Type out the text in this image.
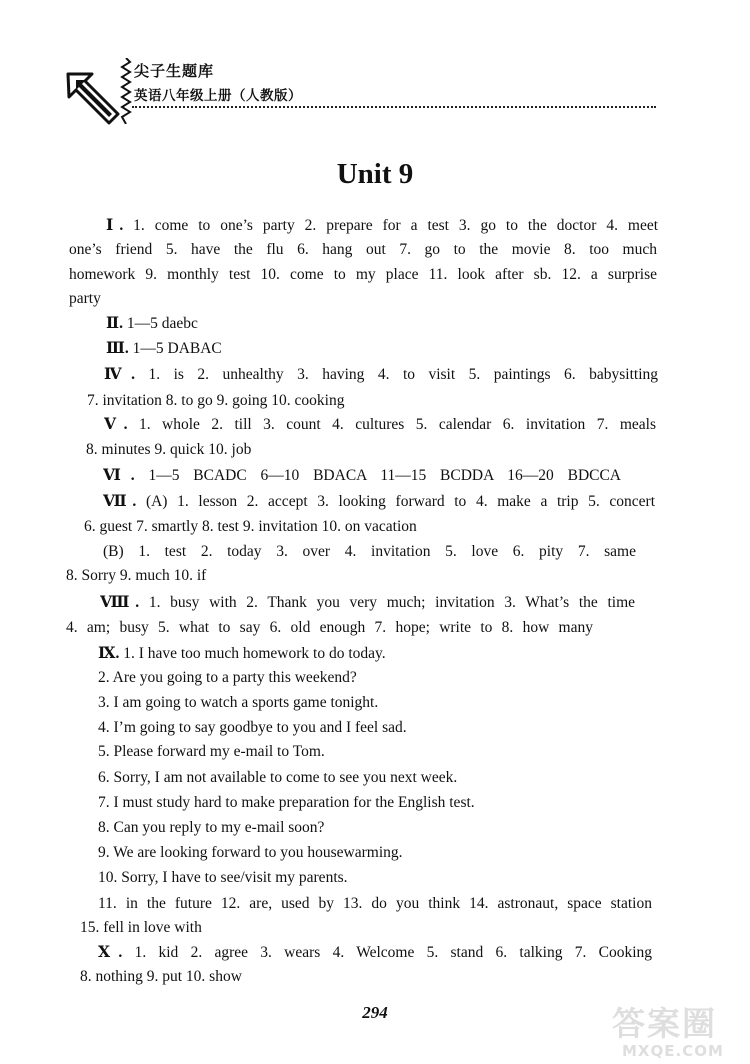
尖子生题库
英语八年级上册（人教版）
Unit 9
Ⅰ. 1. come to one’s party 2. prepare for a test 3. go to the doctor 4. meet
one’s friend 5. have the flu 6. hang out 7. go to the movie 8. too much
homework 9. monthly test 10. come to my place 11. look after sb. 12. a surprise
party
Ⅱ. 1—5 daebc
Ⅲ. 1—5 DABAC
Ⅳ. 1. is 2. unhealthy 3. having 4. to visit 5. paintings 6. babysitting
7. invitation 8. to go 9. going 10. cooking
Ⅴ. 1. whole 2. till 3. count 4. cultures 5. calendar 6. invitation 7. meals
8. minutes 9. quick 10. job
Ⅵ. 1—5 BCADC 6—10 BDACA 11—15 BCDDA 16—20 BDCCA
Ⅶ. (A) 1. lesson 2. accept 3. looking forward to 4. make a trip 5. concert
6. guest 7. smartly 8. test 9. invitation 10. on vacation
(B) 1. test 2. today 3. over 4. invitation 5. love 6. pity 7. same
8. Sorry 9. much 10. if
Ⅷ. 1. busy with 2. Thank you very much; invitation 3. What’s the time
4. am; busy 5. what to say 6. old enough 7. hope; write to 8. how many
Ⅸ. 1. I have too much homework to do today.
2. Are you going to a party this weekend?
3. I am going to watch a sports game tonight.
4. I’m going to say goodbye to you and I feel sad.
5. Please forward my e-mail to Tom.
6. Sorry, I am not available to come to see you next week.
7. I must study hard to make preparation for the English test.
8. Can you reply to my e-mail soon?
9. We are looking forward to you housewarming.
10. Sorry, I have to see/visit my parents.
11. in the future 12. are, used by 13. do you think 14. astronaut, space station
15. fell in love with
Ⅹ. 1. kid 2. agree 3. wears 4. Welcome 5. stand 6. talking 7. Cooking
8. nothing 9. put 10. show
294	答案圈
MXQE.COM
